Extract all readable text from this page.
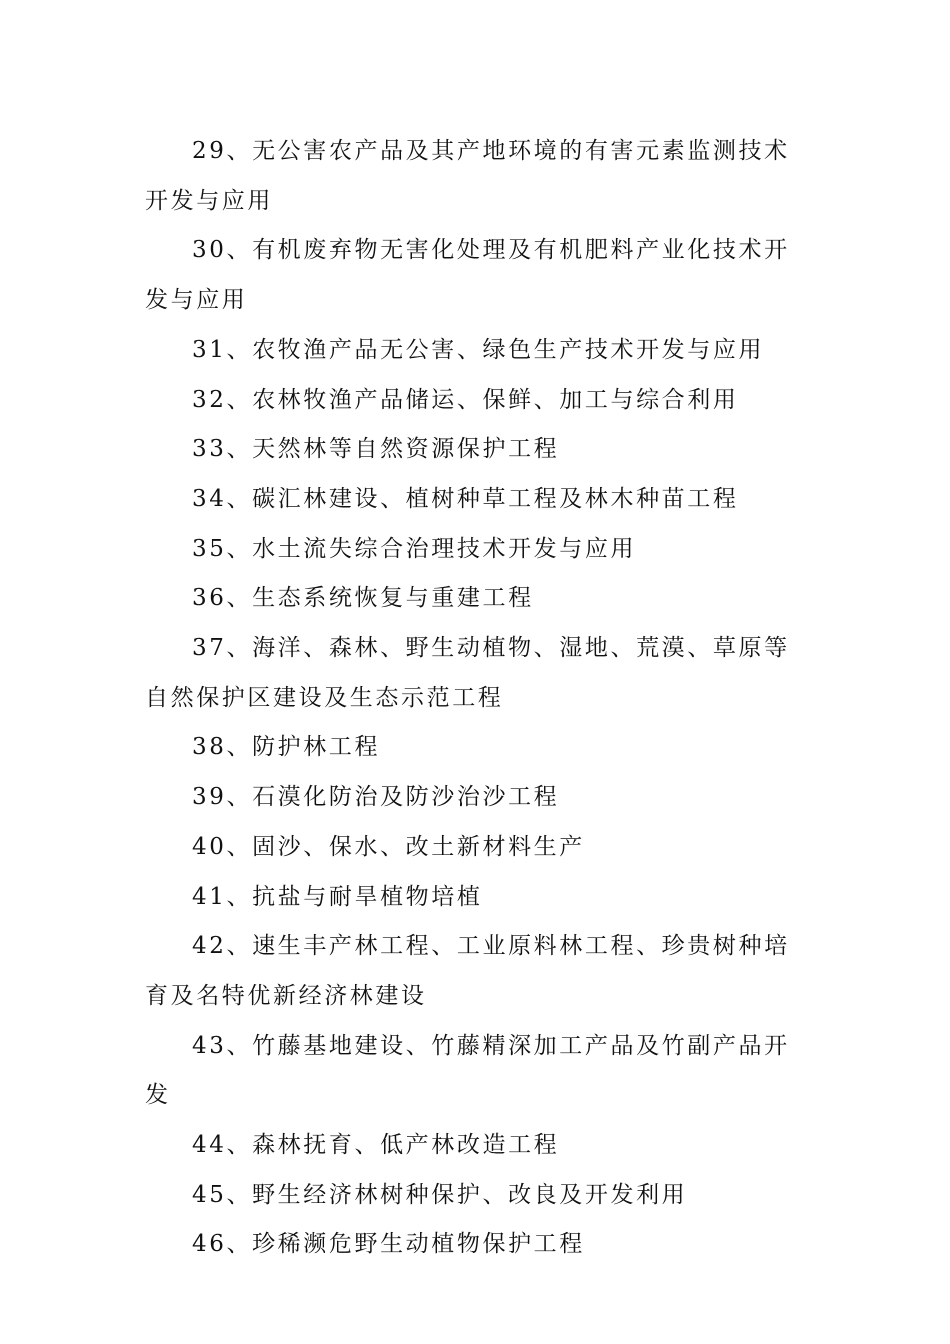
29、无公害农产品及其产地环境的有害元素监测技术开发与应用

30、有机废弃物无害化处理及有机肥料产业化技术开发与应用

31、农牧渔产品无公害、绿色生产技术开发与应用

32、农林牧渔产品储运、保鲜、加工与综合利用

33、天然林等自然资源保护工程

34、碳汇林建设、植树种草工程及林木种苗工程

35、水土流失综合治理技术开发与应用

36、生态系统恢复与重建工程

37、海洋、森林、野生动植物、湿地、荒漠、草原等自然保护区建设及生态示范工程

38、防护林工程

39、石漠化防治及防沙治沙工程

40、固沙、保水、改土新材料生产

41、抗盐与耐旱植物培植

42、速生丰产林工程、工业原料林工程、珍贵树种培育及名特优新经济林建设

43、竹藤基地建设、竹藤精深加工产品及竹副产品开发

44、森林抚育、低产林改造工程

45、野生经济林树种保护、改良及开发利用

46、珍稀濒危野生动植物保护工程
